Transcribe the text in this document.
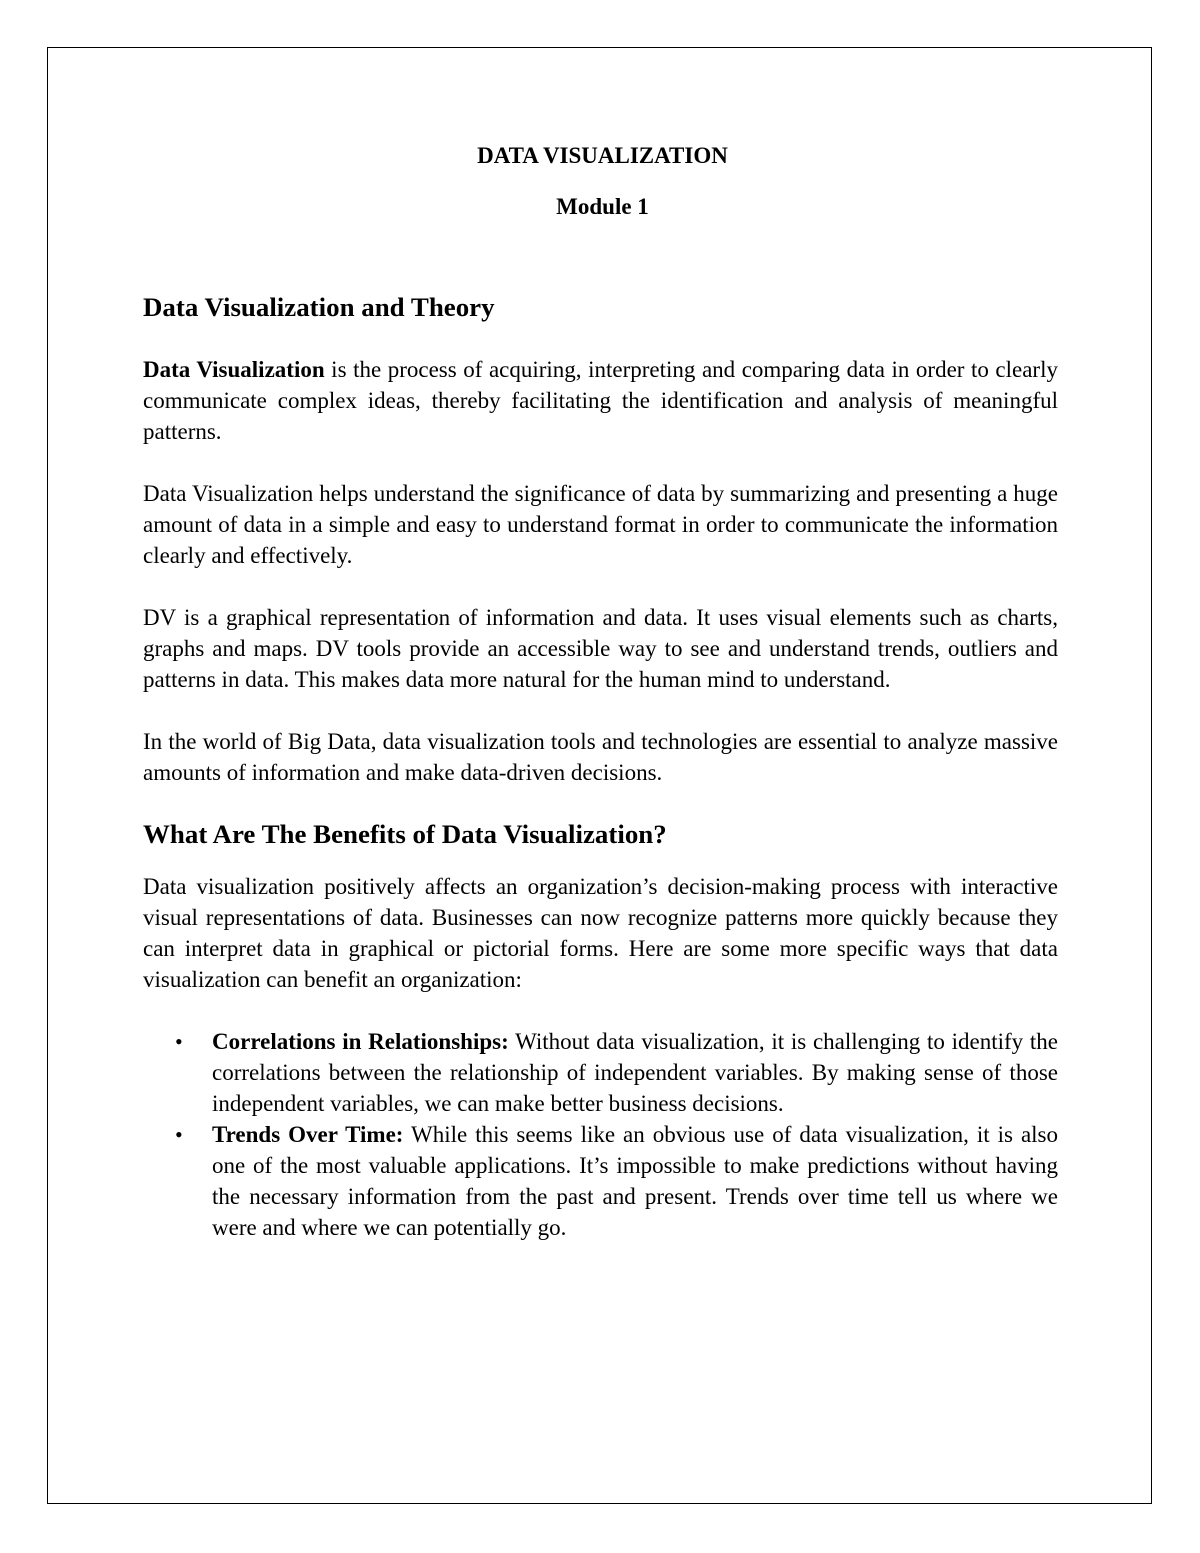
DATA VISUALIZATION
Module 1
Data Visualization and Theory

Data Visualization is the process of acquiring, interpreting and comparing data in order to clearly communicate complex ideas, thereby facilitating the identification and analysis of meaningful patterns.

Data Visualization helps understand the significance of data by summarizing and presenting a huge amount of data in a simple and easy to understand format in order to communicate the information clearly and effectively.

DV is a graphical representation of information and data. It uses visual elements such as charts, graphs and maps. DV tools provide an accessible way to see and understand trends, outliers and patterns in data. This makes data more natural for the human mind to understand.

In the world of Big Data, data visualization tools and technologies are essential to analyze massive amounts of information and make data-driven decisions.

What Are The Benefits of Data Visualization?

Data visualization positively affects an organization’s decision-making process with interactive visual representations of data. Businesses can now recognize patterns more quickly because they can interpret data in graphical or pictorial forms. Here are some more specific ways that data visualization can benefit an organization:

• Correlations in Relationships: Without data visualization, it is challenging to identify the correlations between the relationship of independent variables. By making sense of those independent variables, we can make better business decisions.
• Trends Over Time: While this seems like an obvious use of data visualization, it is also one of the most valuable applications. It’s impossible to make predictions without having the necessary information from the past and present. Trends over time tell us where we were and where we can potentially go.
